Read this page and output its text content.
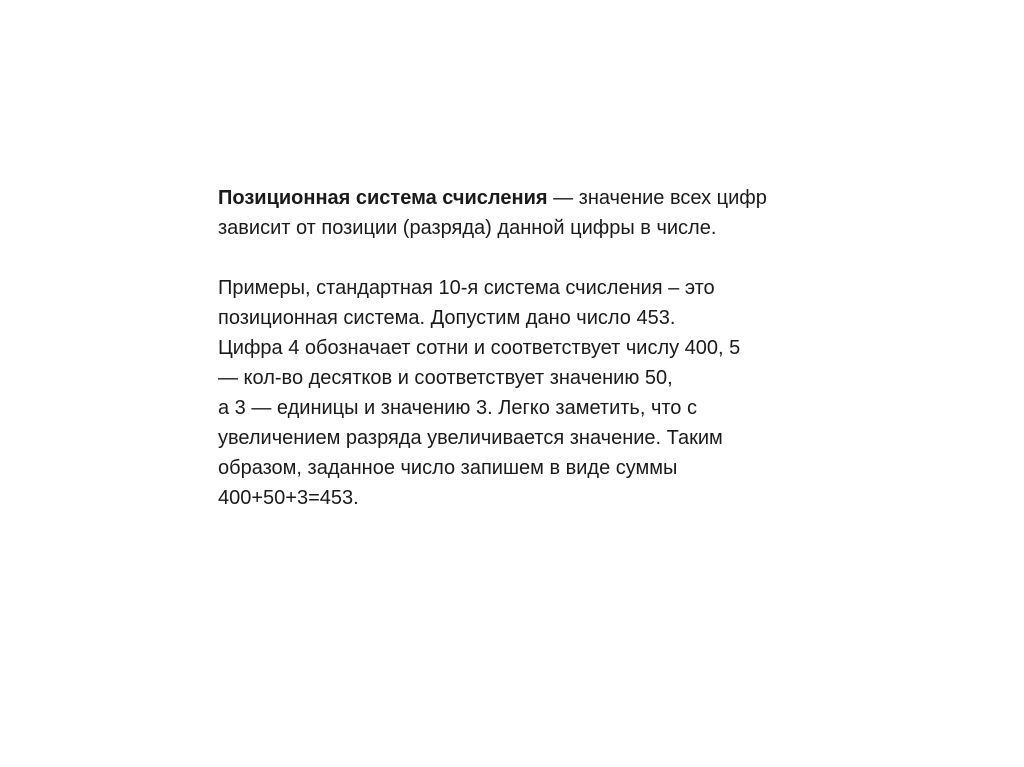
Позиционная система счисления — значение всех цифр
зависит от позиции (разряда) данной цифры в числе.

Примеры, стандартная 10-я система счисления – это
позиционная система. Допустим дано число 453.
Цифра 4 обозначает сотни и соответствует числу 400, 5
— кол-во десятков и соответствует значению 50,
а 3 — единицы и значению 3. Легко заметить, что с
увеличением разряда увеличивается значение. Таким
образом, заданное число запишем в виде суммы
400+50+3=453.
